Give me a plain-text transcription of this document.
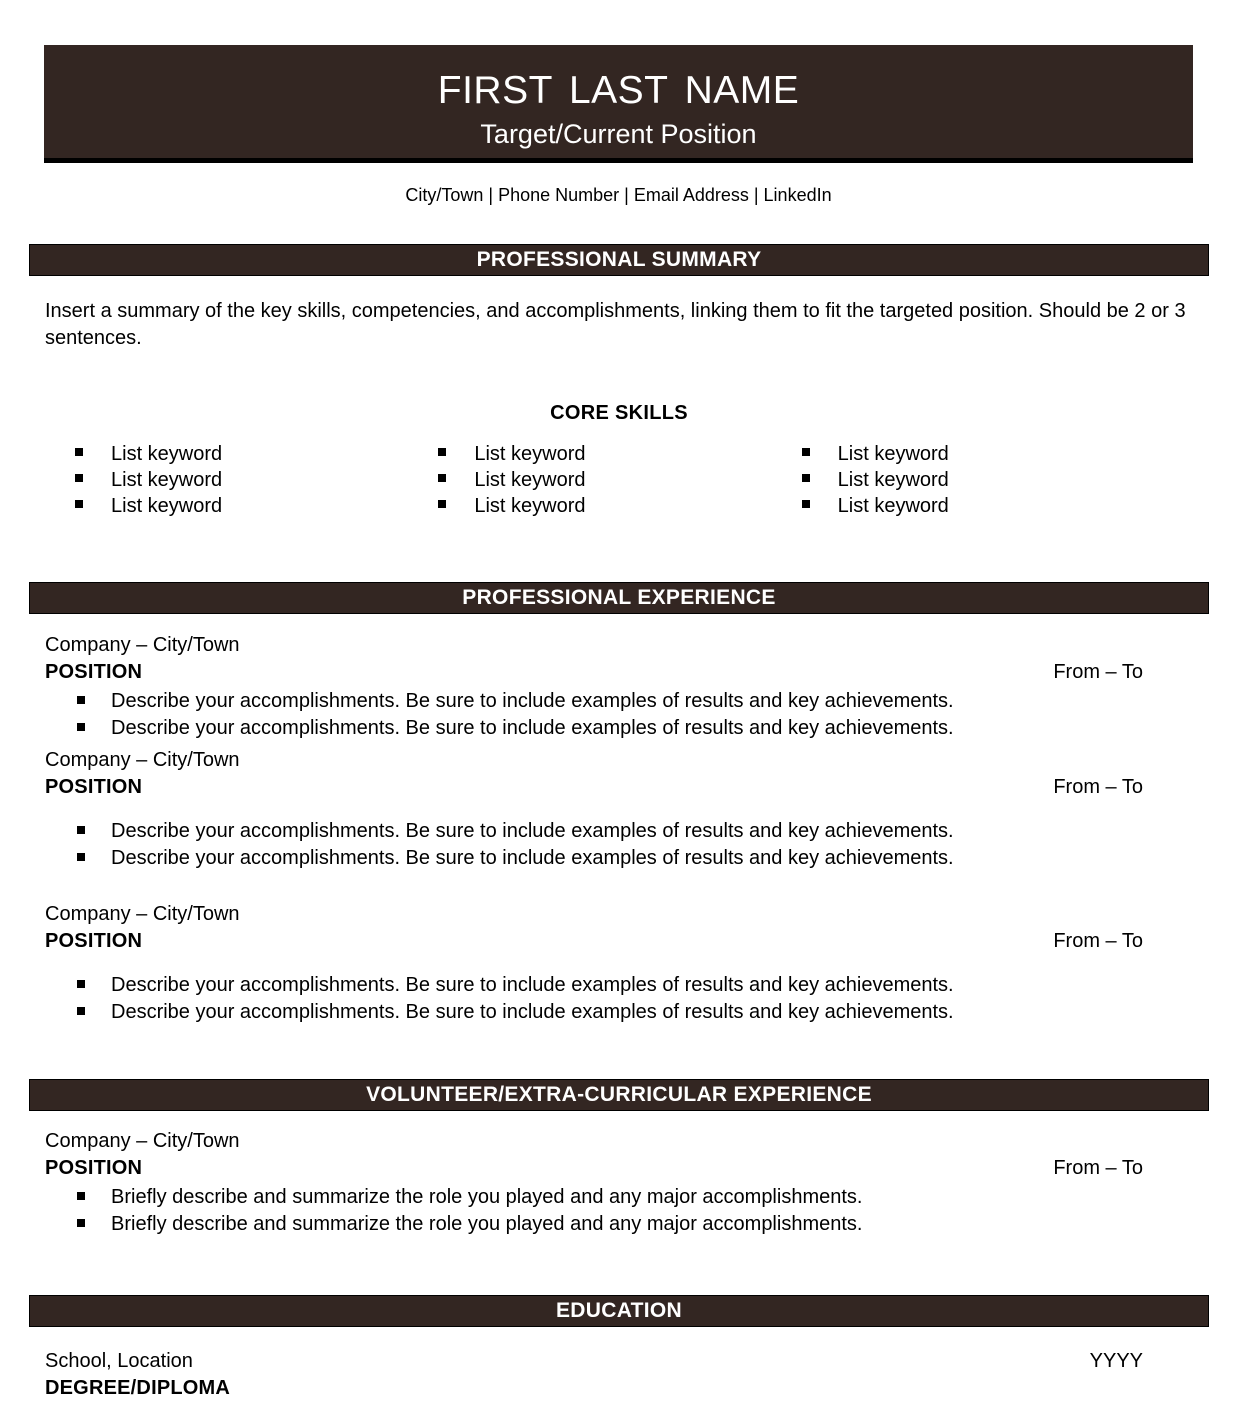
first last name
Target/Current Position
City/Town | Phone Number | Email Address | LinkedIn
PROFESSIONAL SUMMARY
Insert a summary of the key skills, competencies, and accomplishments, linking them to fit the targeted position. Should be 2 or 3 sentences.
CORE SKILLS
List keyword
List keyword
List keyword
List keyword
List keyword
List keyword
List keyword
List keyword
List keyword
PROFESSIONAL EXPERIENCE
Company – City/Town
POSITION	From – To
Describe your accomplishments. Be sure to include examples of results and key achievements.
Describe your accomplishments. Be sure to include examples of results and key achievements.
Company – City/Town
POSITION	From – To
Describe your accomplishments. Be sure to include examples of results and key achievements.
Describe your accomplishments. Be sure to include examples of results and key achievements.
Company – City/Town
POSITION	From – To
Describe your accomplishments. Be sure to include examples of results and key achievements.
Describe your accomplishments. Be sure to include examples of results and key achievements.
VOLUNTEER/EXTRA-CURRICULAR EXPERIENCE
Company – City/Town
POSITION	From – To
Briefly describe and summarize the role you played and any major accomplishments.
Briefly describe and summarize the role you played and any major accomplishments.
EDUCATION
School, Location	YYYY
DEGREE/DIPLOMA
